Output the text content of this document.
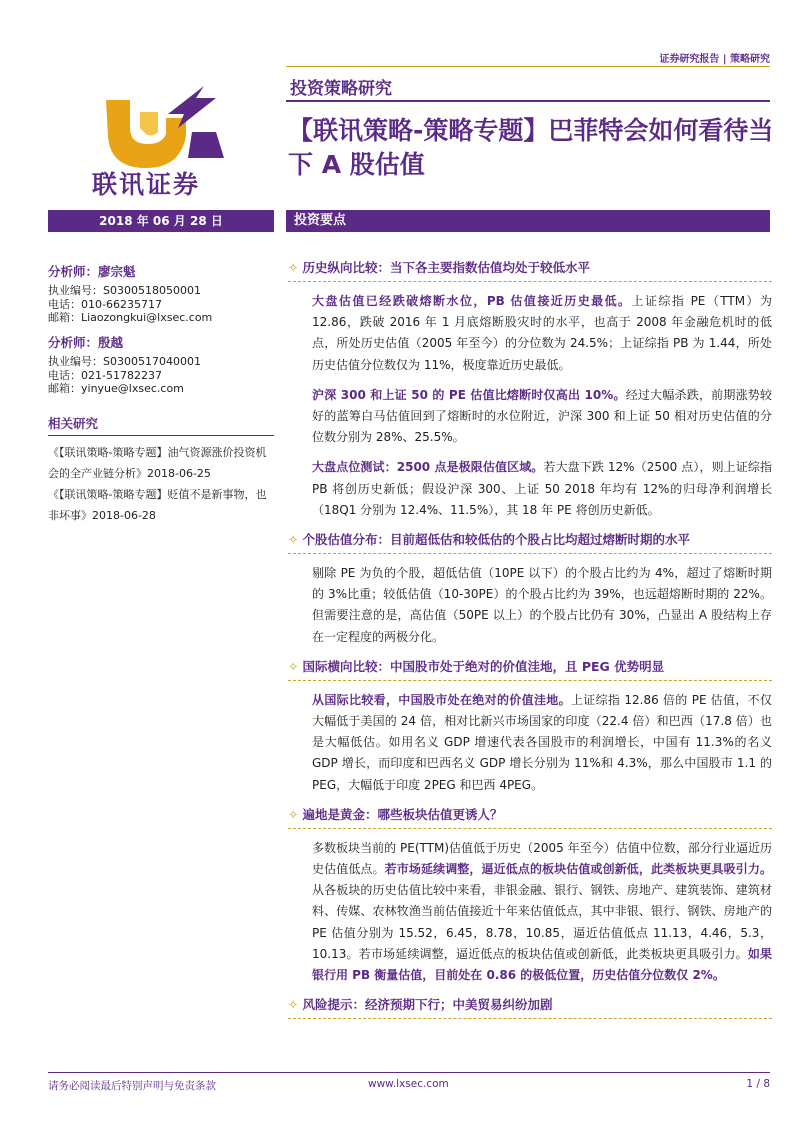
证券研究报告 | 策略研究
联讯证券
投资策略研究
【联讯策略-策略专题】巴菲特会如何看待当下 A 股估值
2018 年 06 月 28 日	投资要点
分析师：廖宗魁
执业编号：S0300518050001
电话：010-66235717
邮箱：Liaozongkui@lxsec.com
分析师：殷越
执业编号：S0300517040001
电话：021-51782237
邮箱：yinyue@lxsec.com
相关研究
《【联讯策略-策略专题】油气资源涨价投资机会的全产业链分析》2018-06-25
《【联讯策略-策略专题】贬值不是新事物，也非坏事》2018-06-28
✧ 历史纵向比较：当下各主要指数估值均处于较低水平
大盘估值已经跌破熔断水位，PB 估值接近历史最低。上证综指 PE（TTM）为 12.86，跌破 2016 年 1 月底熔断股灾时的水平，也高于 2008 年金融危机时的低点，所处历史估值（2005 年至今）的分位数为 24.5%；上证综指 PB 为 1.44，所处历史估值分位数仅为 11%，极度靠近历史最低。
沪深 300 和上证 50 的 PE 估值比熔断时仅高出 10%。经过大幅杀跌，前期涨势较好的蓝筹白马估值回到了熔断时的水位附近，沪深 300 和上证 50 相对历史估值的分位数分别为 28%、25.5%。
大盘点位测试：2500 点是极限估值区域。若大盘下跌 12%（2500 点），则上证综指 PB 将创历史新低；假设沪深 300、上证 50 2018 年均有 12%的归母净利润增长（18Q1 分别为 12.4%、11.5%），其 18 年 PE 将创历史新低。
✧ 个股估值分布：目前超低估和较低估的个股占比均超过熔断时期的水平
剔除 PE 为负的个股，超低估值（10PE 以下）的个股占比约为 4%，超过了熔断时期的 3%比重；较低估值（10-30PE）的个股占比约为 39%，也远超熔断时期的 22%。但需要注意的是，高估值（50PE 以上）的个股占比仍有 30%，凸显出 A 股结构上存在一定程度的两极分化。
✧ 国际横向比较：中国股市处于绝对的价值洼地，且 PEG 优势明显
从国际比较看，中国股市处在绝对的价值洼地。上证综指 12.86 倍的 PE 估值，不仅大幅低于美国的 24 倍，相对比新兴市场国家的印度（22.4 倍）和巴西（17.8 倍）也是大幅低估。如用名义 GDP 增速代表各国股市的利润增长，中国有 11.3%的名义 GDP 增长，而印度和巴西名义 GDP 增长分别为 11%和 4.3%，那么中国股市 1.1 的 PEG，大幅低于印度 2PEG 和巴西 4PEG。
✧ 遍地是黄金：哪些板块估值更诱人？
多数板块当前的 PE(TTM)估值低于历史（2005 年至今）估值中位数，部分行业逼近历史估值低点。若市场延续调整，逼近低点的板块估值或创新低，此类板块更具吸引力。从各板块的历史估值比较中来看，非银金融、银行、钢铁、房地产、建筑装饰、建筑材料、传媒、农林牧渔当前估值接近十年来估值低点，其中非银、银行、钢铁、房地产的 PE 估值分别为 15.52，6.45，8.78，10.85，逼近估值低点 11.13，4.46，5.3，10.13。若市场延续调整，逼近低点的板块估值或创新低，此类板块更具吸引力。如果银行用 PB 衡量估值，目前处在 0.86 的极低位置，历史估值分位数仅 2%。
✧ 风险提示：经济预期下行；中美贸易纠纷加剧
请务必阅读最后特别声明与免责条款	www.lxsec.com	1 / 8
